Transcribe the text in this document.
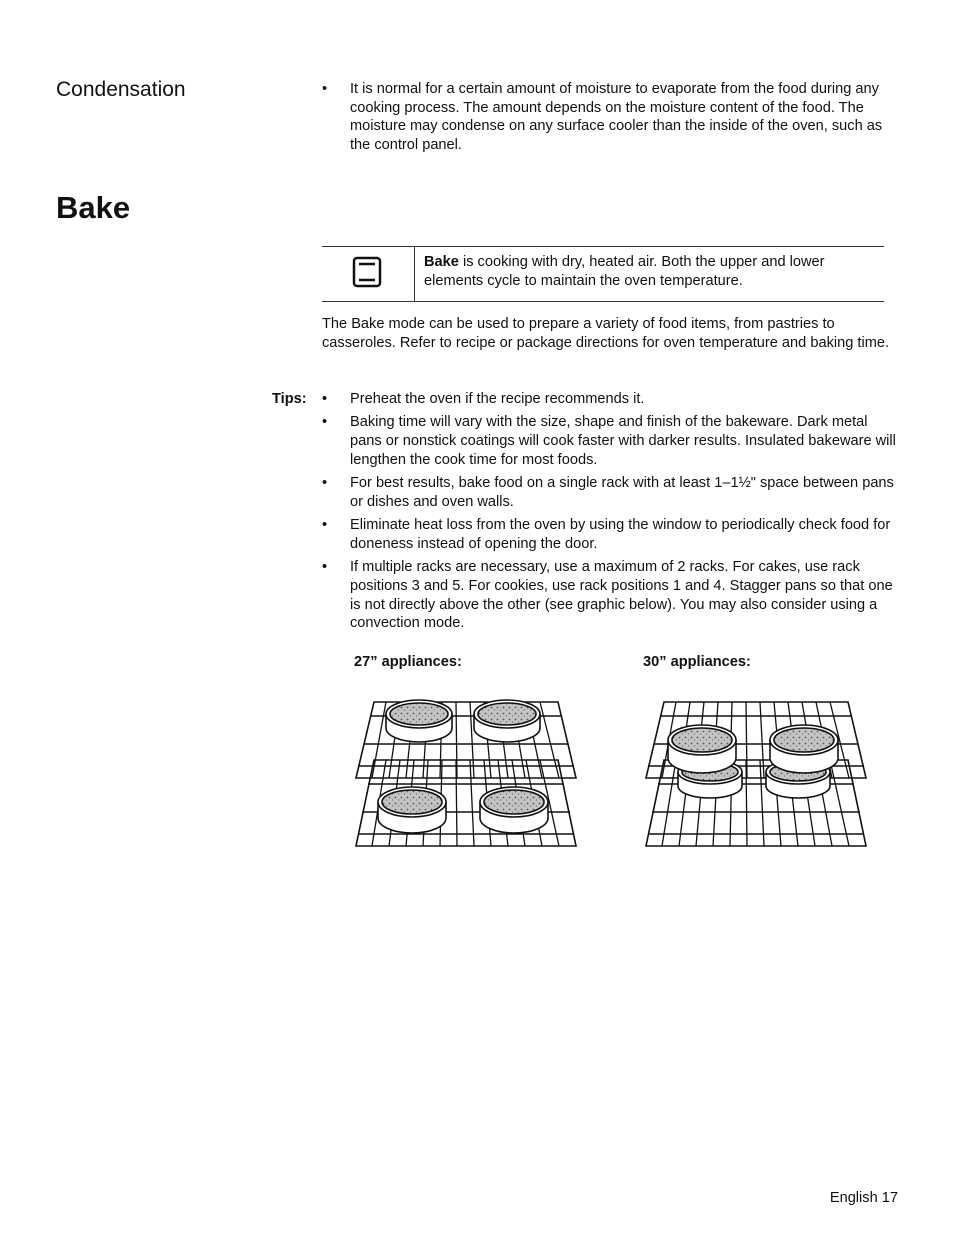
Condensation	• It is normal for a certain amount of moisture to evaporate from the food during any cooking process. The amount depends on the moisture content of the food. The moisture may condense on any surface cooler than the inside of the oven, such as the control panel.
Bake
Bake is cooking with dry, heated air. Both the upper and lower elements cycle to maintain the oven temperature.
The Bake mode can be used to prepare a variety of food items, from pastries to casseroles. Refer to recipe or package directions for oven temperature and baking time.
Tips:	• Preheat the oven if the recipe recommends it.
• Baking time will vary with the size, shape and finish of the bakeware. Dark metal pans or nonstick coatings will cook faster with darker results. Insulated bakeware will lengthen the cook time for most foods.
• For best results, bake food on a single rack with at least 1–1½" space between pans or dishes and oven walls.
• Eliminate heat loss from the oven by using the window to periodically check food for doneness instead of opening the door.
• If multiple racks are necessary, use a maximum of 2 racks. For cakes, use rack positions 3 and 5. For cookies, use rack positions 1 and 4. Stagger pans so that one is not directly above the other (see graphic below). You may also consider using a convection mode.
27” appliances:	30” appliances:
English 17
